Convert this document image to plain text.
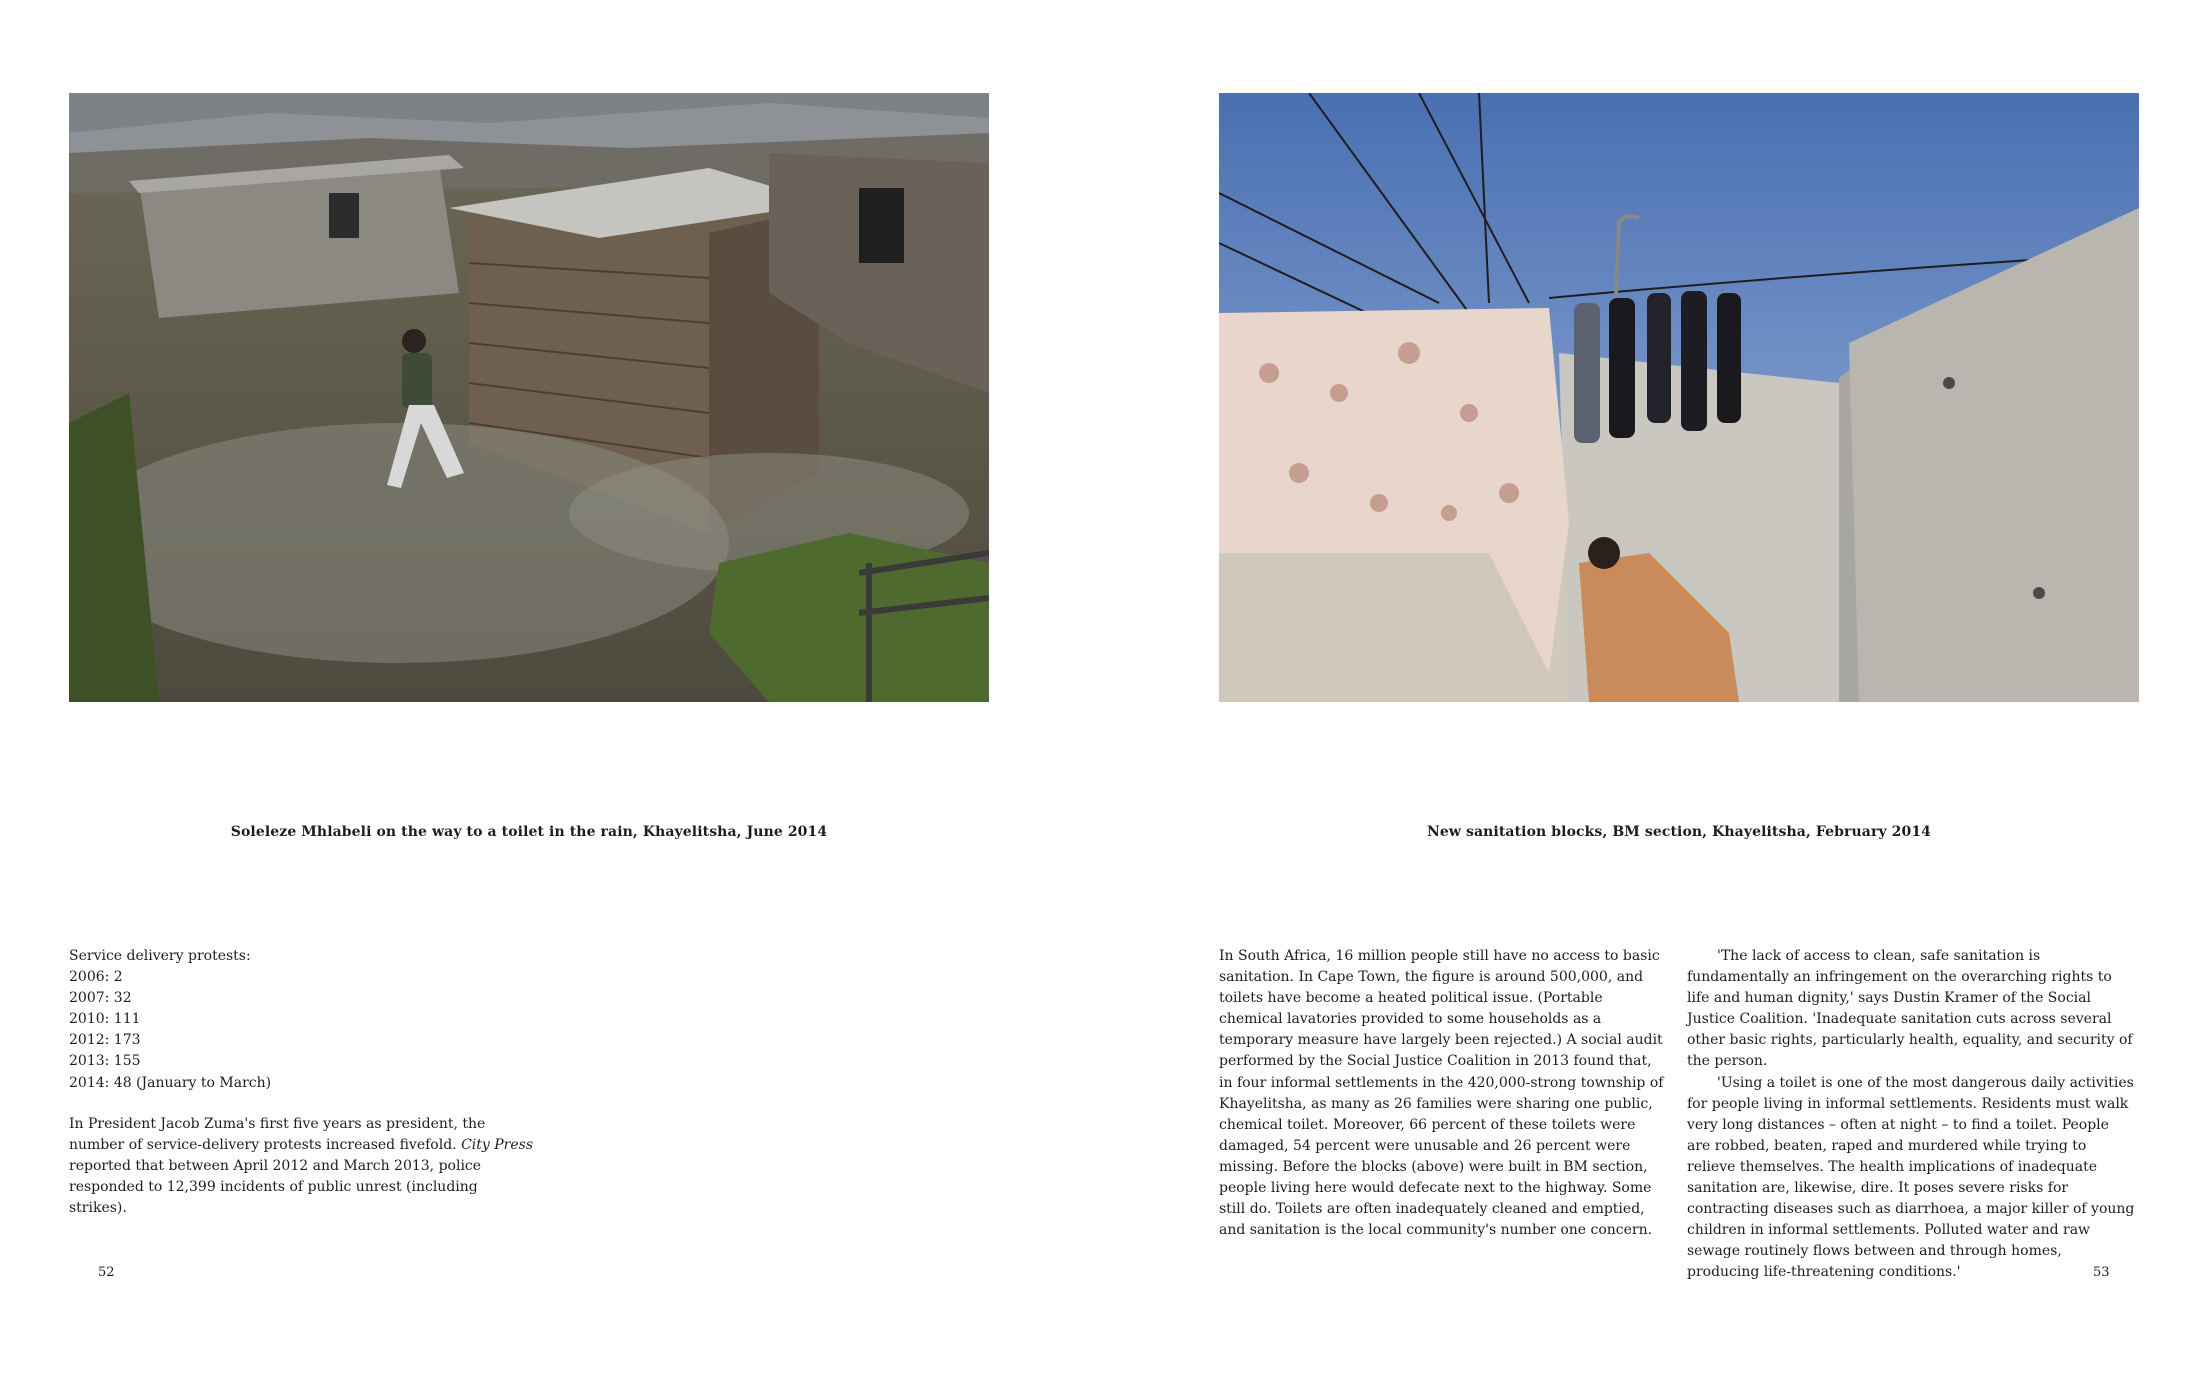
Soleleze Mhlabeli on the way to a toilet in the rain, Khayelitsha, June 2014
Service delivery protests:
2006: 2
2007: 32
2010: 111
2012: 173
2013: 155
2014: 48 (January to March)

In President Jacob Zuma's first five years as president, the number of service-delivery protests increased fivefold. City Press reported that between April 2012 and March 2013, police responded to 12,399 incidents of public unrest (including strikes).

52
New sanitation blocks, BM section, Khayelitsha, February 2014

In South Africa, 16 million people still have no access to basic sanitation. In Cape Town, the figure is around 500,000, and toilets have become a heated political issue. (Portable chemical lavatories provided to some households as a temporary measure have largely been rejected.) A social audit performed by the Social Justice Coalition in 2013 found that, in four informal settlements in the 420,000-strong township of Khayelitsha, as many as 26 families were sharing one public, chemical toilet. Moreover, 66 percent of these toilets were damaged, 54 percent were unusable and 26 percent were missing. Before the blocks (above) were built in BM section, people living here would defecate next to the highway. Some still do. Toilets are often inadequately cleaned and emptied, and sanitation is the local community's number one concern.

'The lack of access to clean, safe sanitation is fundamentally an infringement on the overarching rights to life and human dignity,' says Dustin Kramer of the Social Justice Coalition. 'Inadequate sanitation cuts across several other basic rights, particularly health, equality, and security of the person.

'Using a toilet is one of the most dangerous daily activities for people living in informal settlements. Residents must walk very long distances – often at night – to find a toilet. People are robbed, beaten, raped and murdered while trying to relieve themselves. The health implications of inadequate sanitation are, likewise, dire. It poses severe risks for contracting diseases such as diarrhoea, a major killer of young children in informal settlements. Polluted water and raw sewage routinely flows between and through homes, producing life-threatening conditions.'	53
